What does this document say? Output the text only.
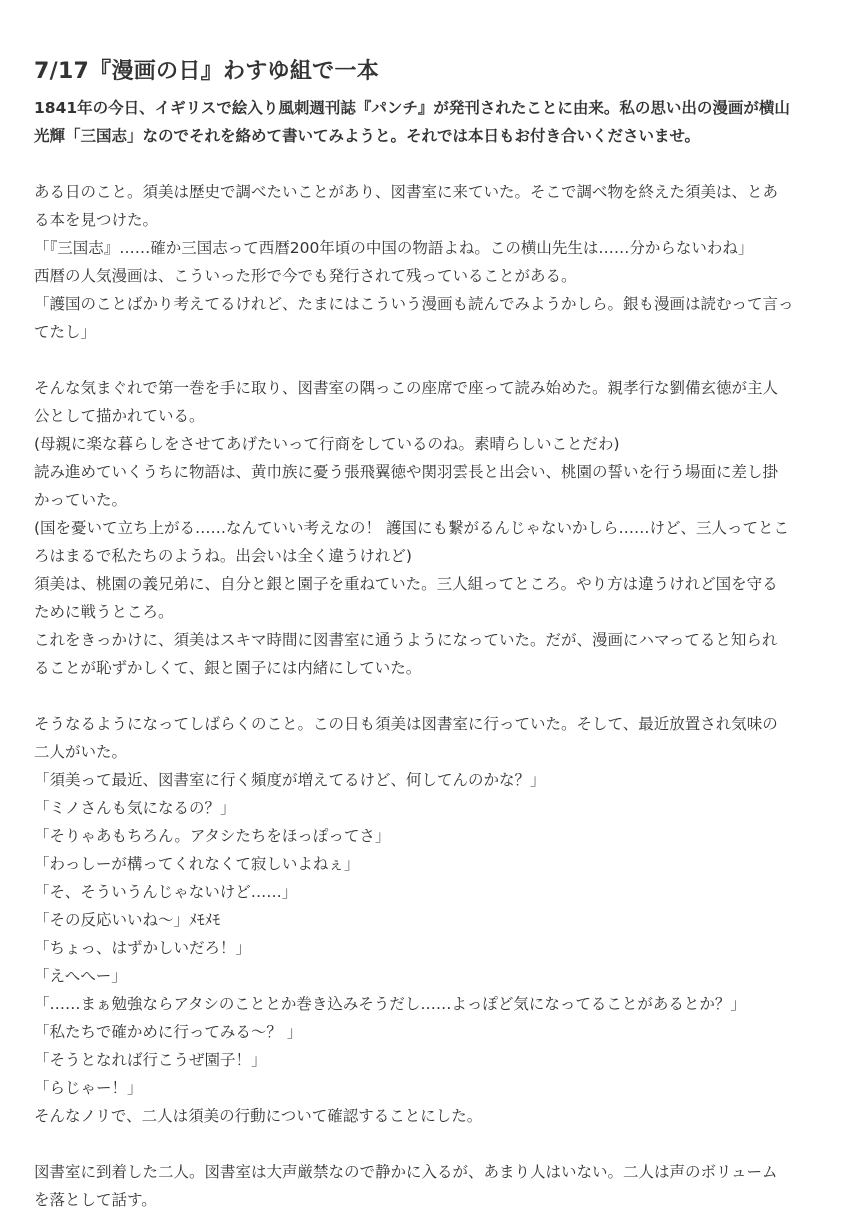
7/17『漫画の日』わすゆ組で一本
1841年の今日、イギリスで絵入り風刺週刊誌『パンチ』が発刊されたことに由来。私の思い出の漫画が横山
光輝「三国志」なのでそれを絡めて書いてみようと。それでは本日もお付き合いくださいませ。
ある日のこと。須美は歴史で調べたいことがあり、図書室に来ていた。そこで調べ物を終えた須美は、とあ
る本を見つけた。
「『三国志』……確か三国志って西暦200年頃の中国の物語よね。この横山先生は……分からないわね」
西暦の人気漫画は、こういった形で今でも発行されて残っていることがある。
「護国のことばかり考えてるけれど、たまにはこういう漫画も読んでみようかしら。銀も漫画は読むって言っ
てたし」
そんな気まぐれで第一巻を手に取り、図書室の隅っこの座席で座って読み始めた。親孝行な劉備玄徳が主人
公として描かれている。
(母親に楽な暮らしをさせてあげたいって行商をしているのね。素晴らしいことだわ)
読み進めていくうちに物語は、黄巾族に憂う張飛翼徳や関羽雲長と出会い、桃園の誓いを行う場面に差し掛
かっていた。
(国を憂いて立ち上がる……なんていい考えなの！ 護国にも繋がるんじゃないかしら……けど、三人ってとこ
ろはまるで私たちのようね。出会いは全く違うけれど)
須美は、桃園の義兄弟に、自分と銀と園子を重ねていた。三人組ってところ。やり方は違うけれど国を守る
ために戦うところ。
これをきっかけに、須美はスキマ時間に図書室に通うようになっていた。だが、漫画にハマってると知られ
ることが恥ずかしくて、銀と園子には内緒にしていた。
そうなるようになってしばらくのこと。この日も須美は図書室に行っていた。そして、最近放置され気味の
二人がいた。
「須美って最近、図書室に行く頻度が増えてるけど、何してんのかな？」
「ミノさんも気になるの？」
「そりゃあもちろん。アタシたちをほっぽってさ」
「わっしーが構ってくれなくて寂しいよねぇ」
「そ、そういうんじゃないけど……」
「その反応いいね〜」ﾒﾓﾒﾓ
「ちょっ、はずかしいだろ！」
「えへへー」
「……まぁ勉強ならアタシのこととか巻き込みそうだし……よっぽど気になってることがあるとか？」
「私たちで確かめに行ってみる〜？ 」
「そうとなれば行こうぜ園子！」
「らじゃー！」
そんなノリで、二人は須美の行動について確認することにした。
図書室に到着した二人。図書室は大声厳禁なので静かに入るが、あまり人はいない。二人は声のボリューム
を落として話す。
